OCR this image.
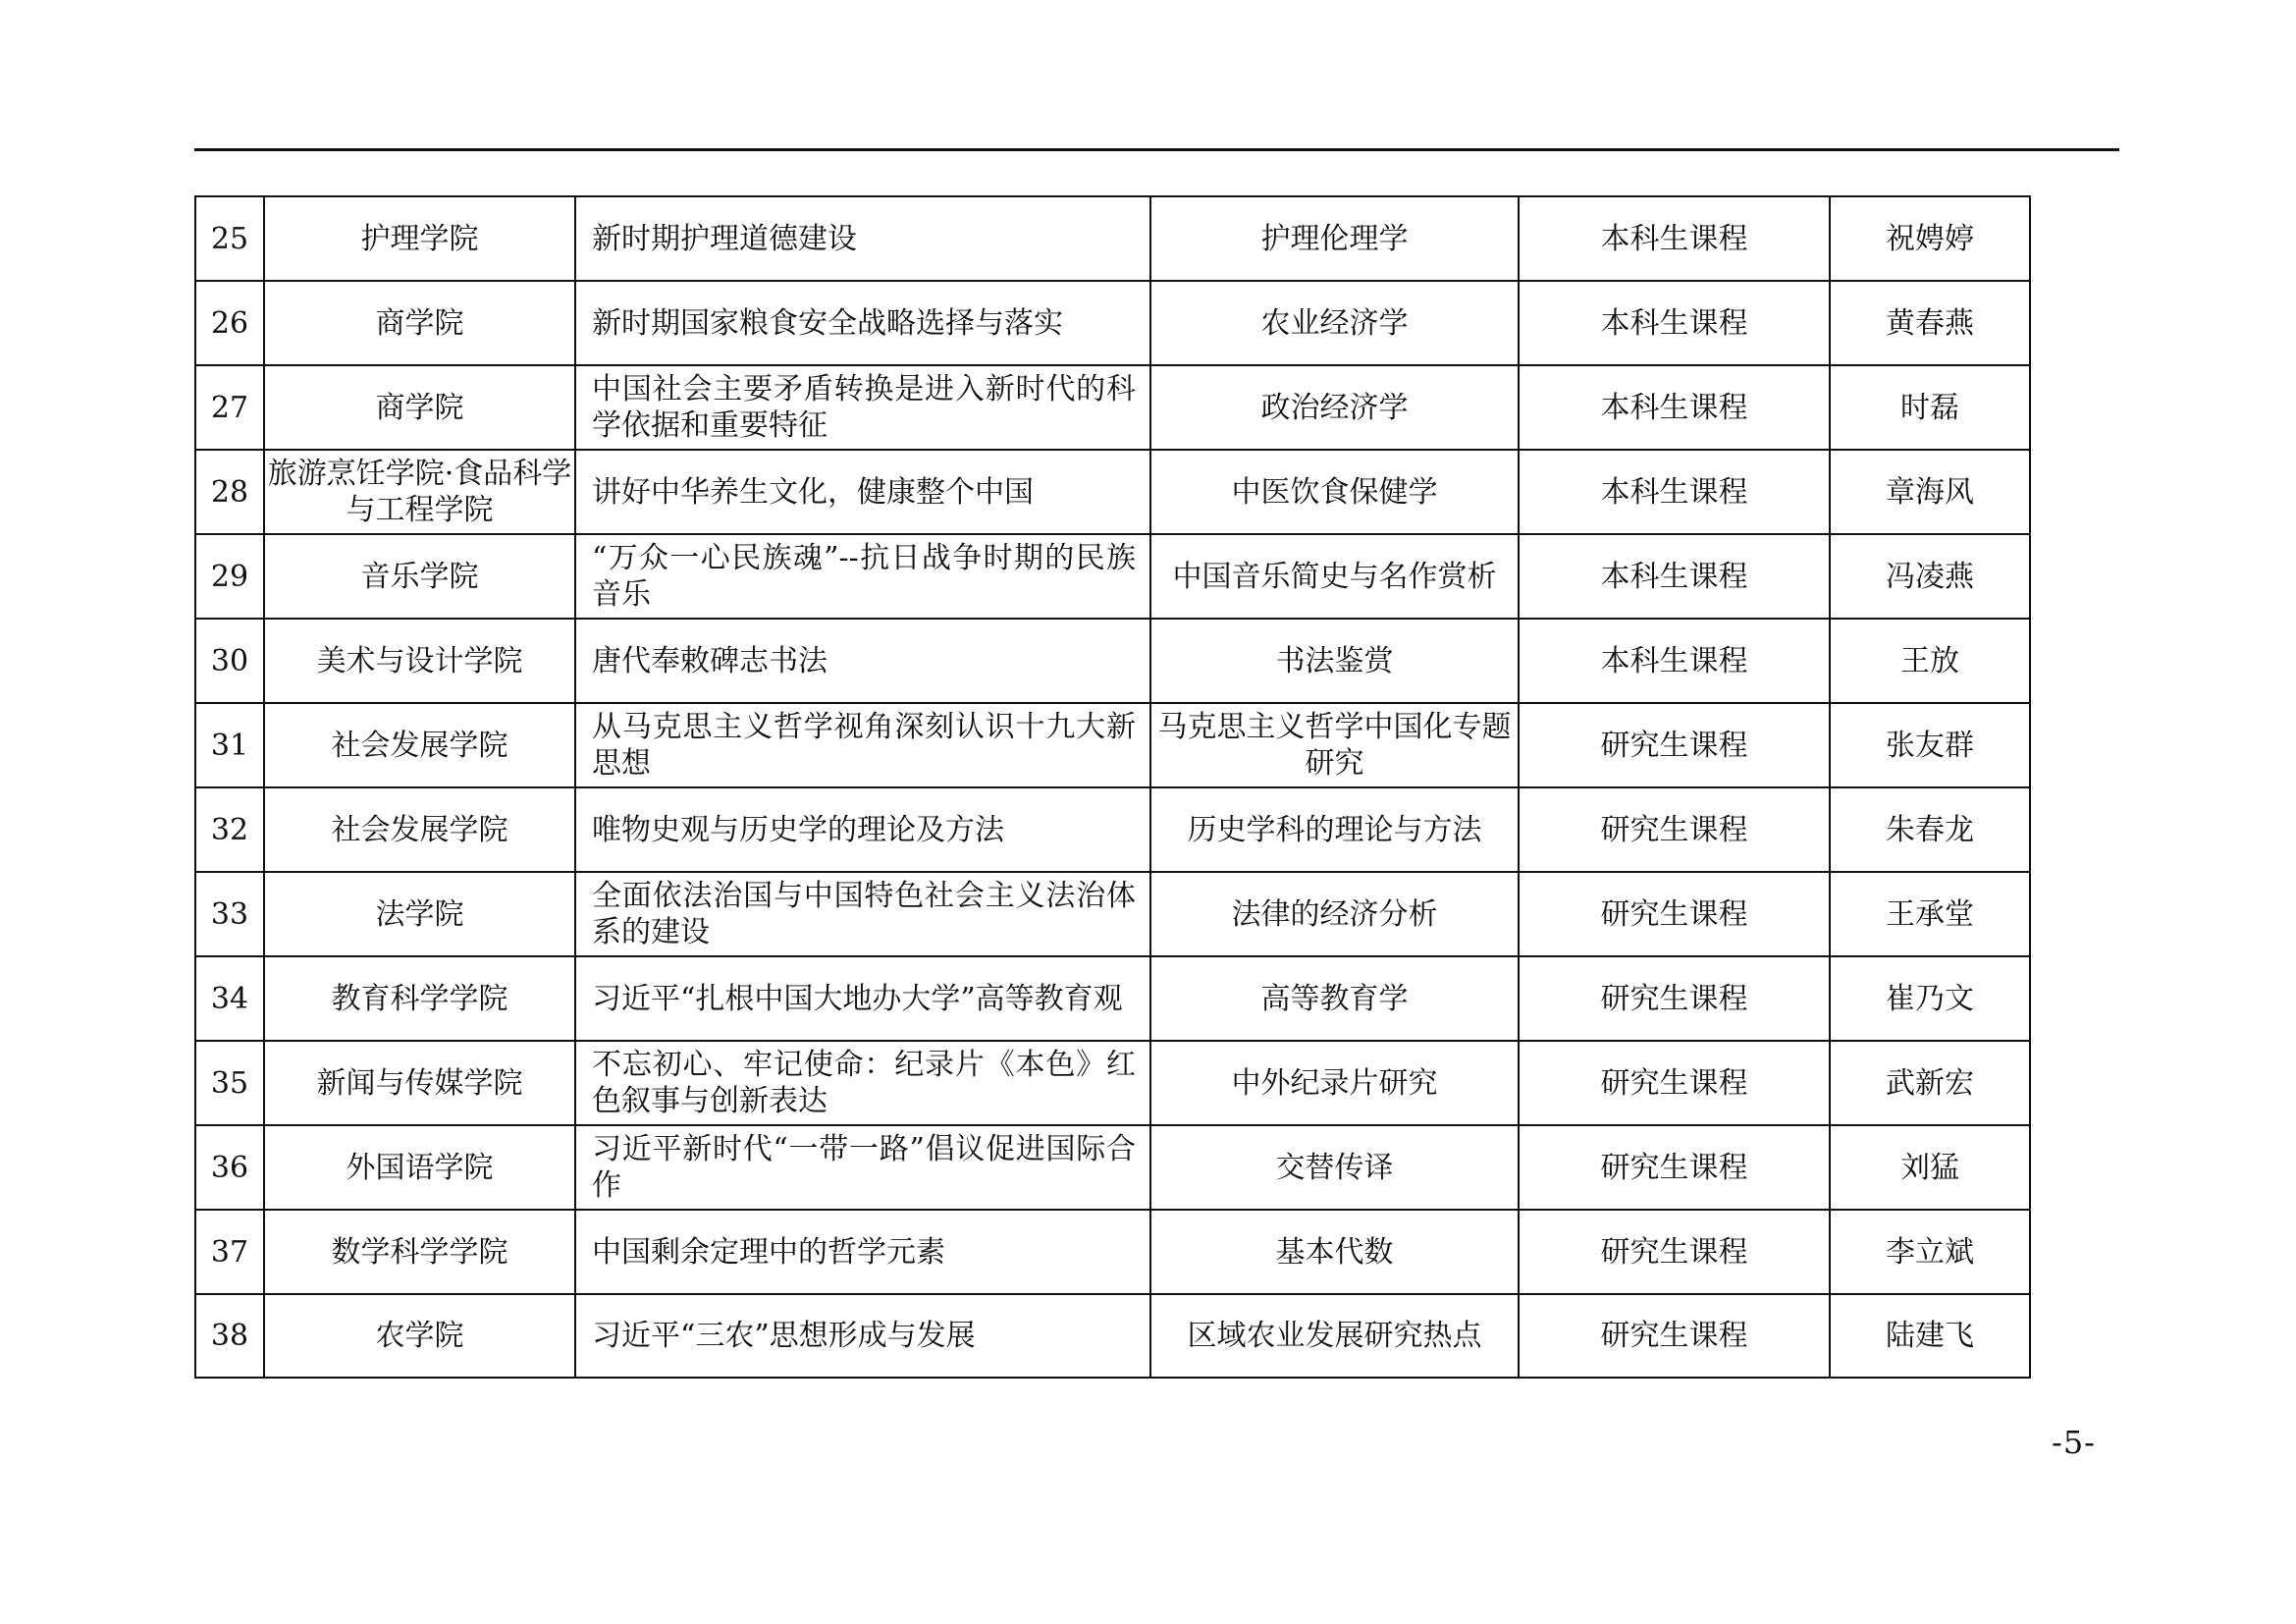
25	护理学院	新时期护理道德建设	护理伦理学	本科生课程	祝娉婷
26	商学院	新时期国家粮食安全战略选择与落实	农业经济学	本科生课程	黄春燕
27	商学院	中国社会主要矛盾转换是进入新时代的科学依据和重要特征	政治经济学	本科生课程	时磊
28	旅游烹饪学院·食品科学与工程学院	讲好中华养生文化，健康整个中国	中医饮食保健学	本科生课程	章海风
29	音乐学院	“万众一心民族魂”--抗日战争时期的民族音乐	中国音乐简史与名作赏析	本科生课程	冯凌燕
30	美术与设计学院	唐代奉敕碑志书法	书法鉴赏	本科生课程	王放
31	社会发展学院	从马克思主义哲学视角深刻认识十九大新思想	马克思主义哲学中国化专题研究	研究生课程	张友群
32	社会发展学院	唯物史观与历史学的理论及方法	历史学科的理论与方法	研究生课程	朱春龙
33	法学院	全面依法治国与中国特色社会主义法治体系的建设	法律的经济分析	研究生课程	王承堂
34	教育科学学院	习近平“扎根中国大地办大学”高等教育观	高等教育学	研究生课程	崔乃文
35	新闻与传媒学院	不忘初心、牢记使命：纪录片《本色》红色叙事与创新表达	中外纪录片研究	研究生课程	武新宏
36	外国语学院	习近平新时代“一带一路”倡议促进国际合作	交替传译	研究生课程	刘猛
37	数学科学学院	中国剩余定理中的哲学元素	基本代数	研究生课程	李立斌
38	农学院	习近平“三农”思想形成与发展	区域农业发展研究热点	研究生课程	陆建飞
-5-
